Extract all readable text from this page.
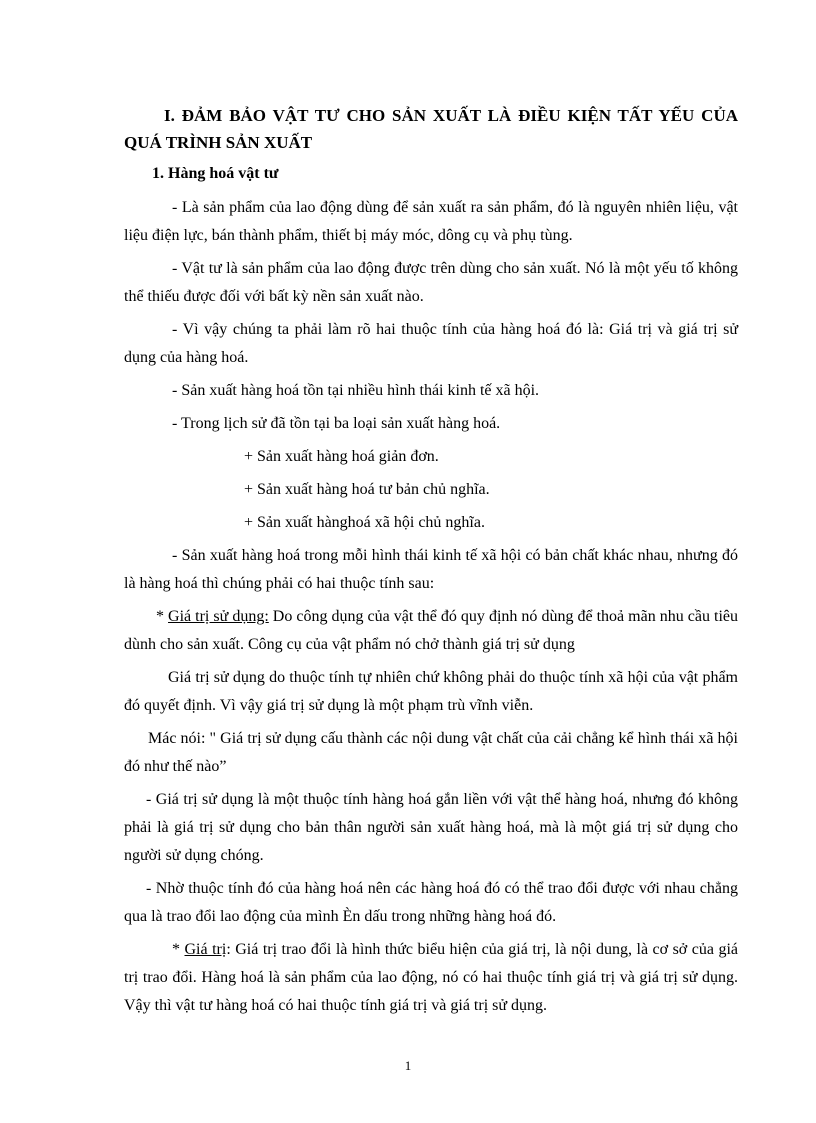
I. ĐẢM BẢO VẬT TƯ CHO SẢN XUẤT LÀ ĐIỀU KIỆN TẤT YẾU CỦA QUÁ TRÌNH SẢN XUẤT
1. Hàng hoá vật tư

- Là sản phẩm của lao động dùng để sản xuất ra sản phẩm, đó là nguyên nhiên liệu, vật liệu điện lực, bán thành phẩm, thiết bị máy móc, dông cụ và phụ tùng.

- Vật tư là sản phẩm của lao động được trên dùng cho sản xuất. Nó là một yếu tố không thể thiếu được đối với bất kỳ nền sản xuất nào.

- Vì vậy chúng ta phải làm rõ hai thuộc tính của hàng hoá đó là: Giá trị và giá trị sử dụng của hàng hoá.

- Sản xuất hàng hoá tồn tại nhiều hình thái kinh tế xã hội.

- Trong lịch sử đã tồn tại ba loại sản xuất hàng hoá.

+ Sản xuất hàng hoá giản đơn.
+ Sản xuất hàng hoá tư bản chủ nghĩa.
+ Sản xuất hànghoá xã hội chủ nghĩa.

- Sản xuất hàng hoá trong mỗi hình thái kinh tế xã hội có bản chất khác nhau, nhưng đó là hàng hoá thì chúng phải có hai thuộc tính sau:

* Giá trị sử dụng: Do công dụng của vật thể đó quy định nó dùng để thoả mãn nhu cầu tiêu dùnh cho sản xuất. Công cụ của vật phẩm nó chở thành giá trị sử dụng

Giá trị sử dụng do thuộc tính tự nhiên chứ không phải do thuộc tính xã hội của vật phẩm đó quyết định. Vì vậy giá trị sử dụng là một phạm trù vĩnh viễn.

Mác nói: " Giá trị sử dụng cấu thành các nội dung vật chất của cải chẳng kể hình thái xã hội đó như thế nào”

- Giá trị sử dụng là một thuộc tính hàng hoá gắn liền với vật thể hàng hoá, nhưng đó không phải là giá trị sử dụng cho bản thân người sản xuất hàng hoá, mà là một giá trị sử dụng cho người sử dụng chóng.

- Nhờ thuộc tính đó của hàng hoá nên các hàng hoá đó có thể trao đổi được với nhau chẳng qua là trao đổi lao động của mình Èn dấu trong những hàng hoá đó.

* Giá trị: Giá trị trao đổi là hình thức biểu hiện của giá trị, là nội dung, là cơ sở của giá trị trao đổi. Hàng hoá là sản phẩm của lao động, nó có hai thuộc tính giá trị và giá trị sử dụng. Vậy thì vật tư hàng hoá có hai thuộc tính giá trị và giá trị sử dụng.

1
